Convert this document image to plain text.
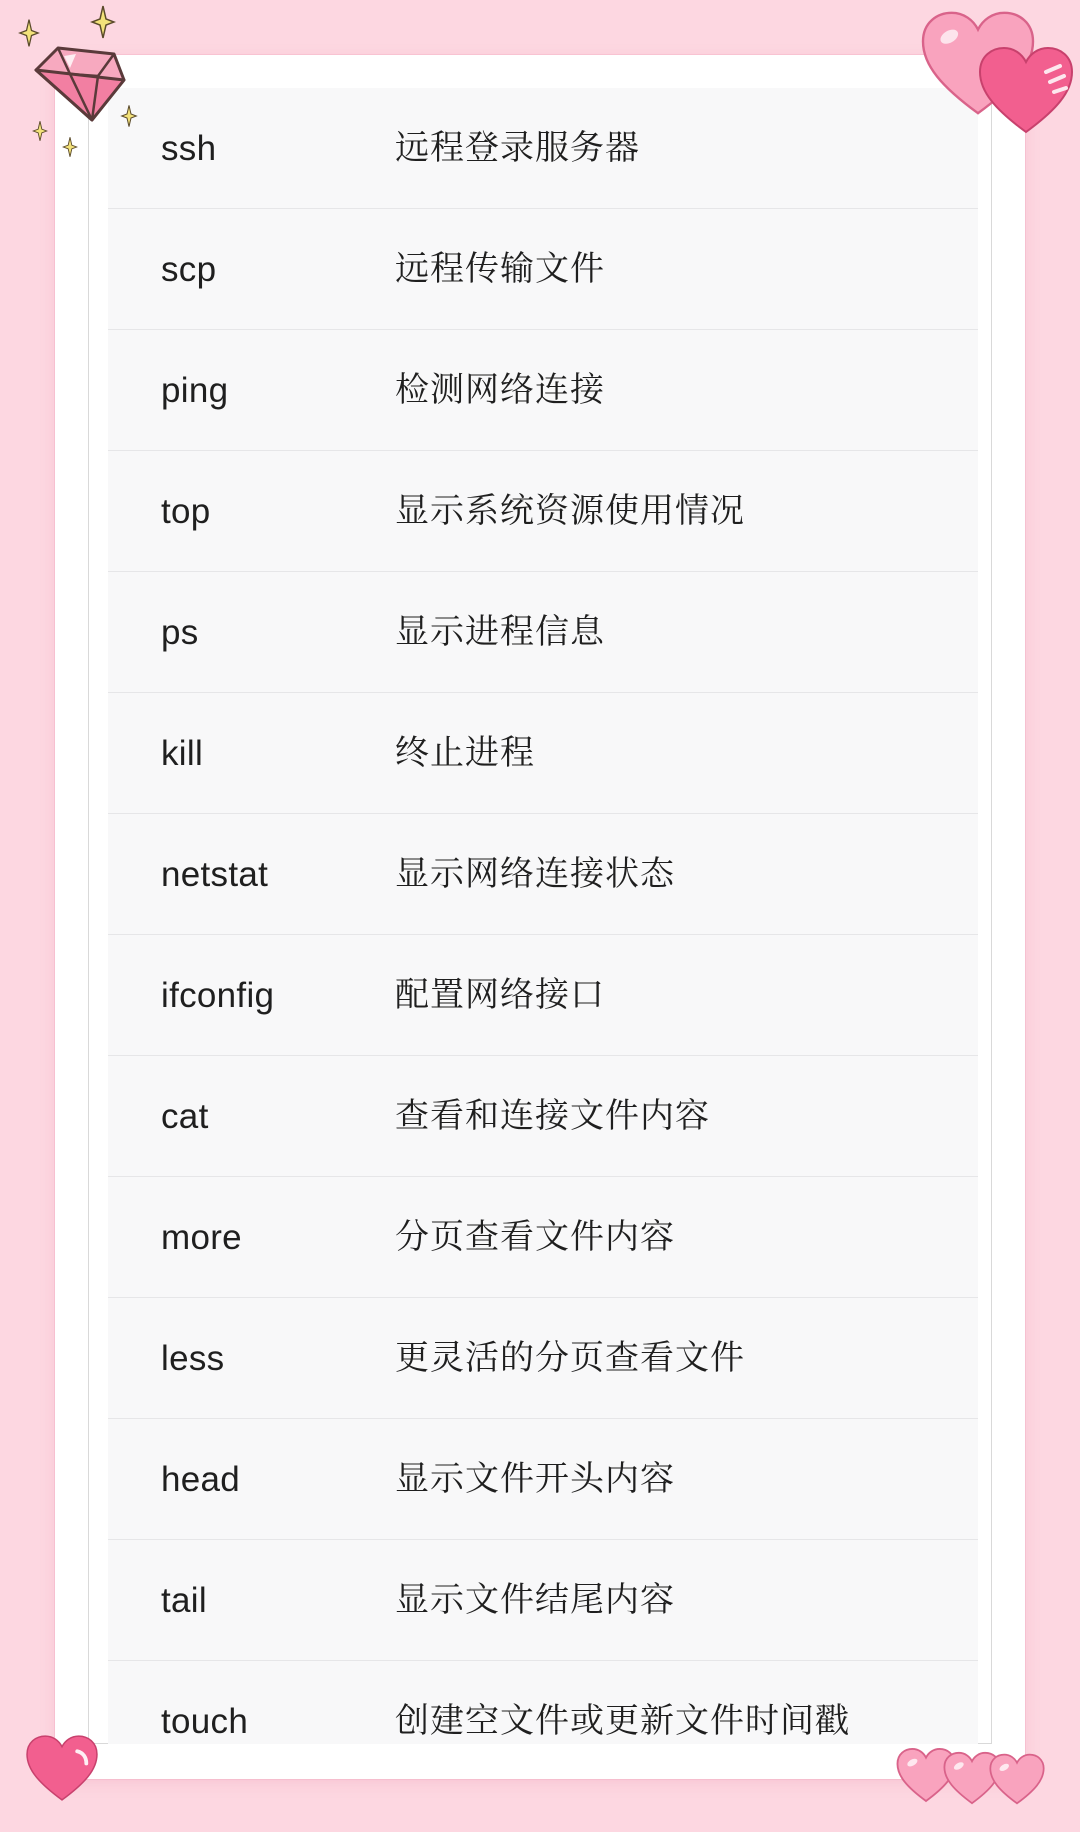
ssh	远程登录服务器
scp	远程传输文件
ping	检测网络连接
top	显示系统资源使用情况
ps	显示进程信息
kill	终止进程
netstat	显示网络连接状态
ifconfig	配置网络接口
cat	查看和连接文件内容
more	分页查看文件内容
less	更灵活的分页查看文件
head	显示文件开头内容
tail	显示文件结尾内容
touch	创建空文件或更新文件时间戳
